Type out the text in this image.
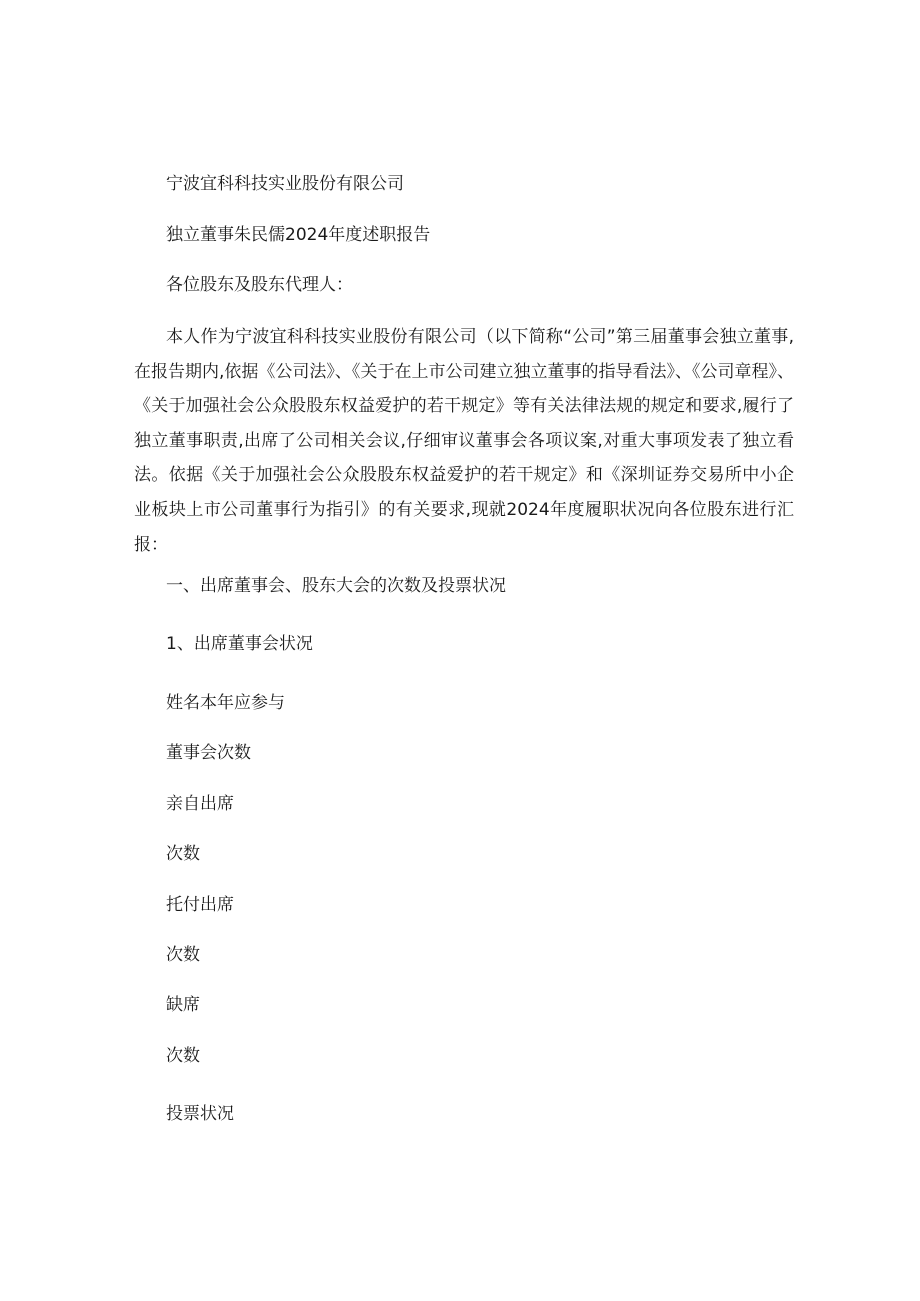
宁波宜科科技实业股份有限公司
独立董事朱民儒2024年度述职报告
各位股东及股东代理人：
本人作为宁波宜科科技实业股份有限公司（以下简称“公司”第三届董事会独立董事,在报告期内,依据《公司法》、《关于在上市公司建立独立董事的指导看法》、《公司章程》、《关于加强社会公众股股东权益爱护的若干规定》等有关法律法规的规定和要求,履行了独立董事职责,出席了公司相关会议,仔细审议董事会各项议案,对重大事项发表了独立看法。依据《关于加强社会公众股股东权益爱护的若干规定》和《深圳证券交易所中小企业板块上市公司董事行为指引》的有关要求,现就2024年度履职状况向各位股东进行汇报：
一、出席董事会、股东大会的次数及投票状况
1、出席董事会状况
姓名本年应参与
董事会次数
亲自出席
次数
托付出席
次数
缺席
次数
投票状况
